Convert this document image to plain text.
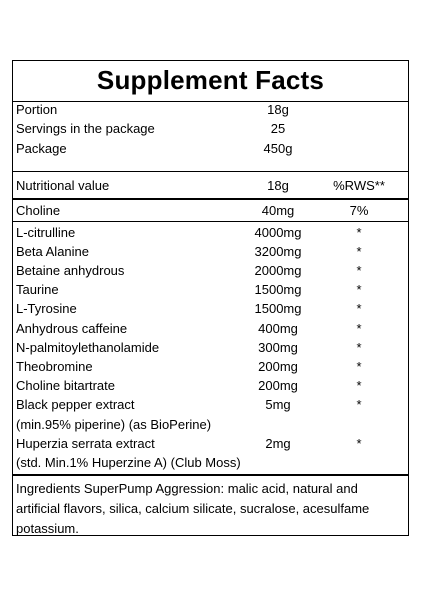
Supplement Facts
Portion	18g
Servings in the package	25
Package	450g
Nutritional value	18g	%RWS**
Choline	40mg	7%
L-citrulline	4000mg	*
Beta Alanine	3200mg	*
Betaine anhydrous	2000mg	*
Taurine	1500mg	*
L-Tyrosine	1500mg	*
Anhydrous caffeine	400mg	*
N-palmitoylethanolamide	300mg	*
Theobromine	200mg	*
Choline bitartrate	200mg	*
Black pepper extract	5mg	*
(min.95% piperine) (as BioPerine)
Huperzia serrata extract	2mg	*
(std. Min.1% Huperzine A) (Club Moss)
Ingredients SuperPump Aggression: malic acid, natural and artificial flavors, silica, calcium silicate, sucralose, acesulfame potassium.
